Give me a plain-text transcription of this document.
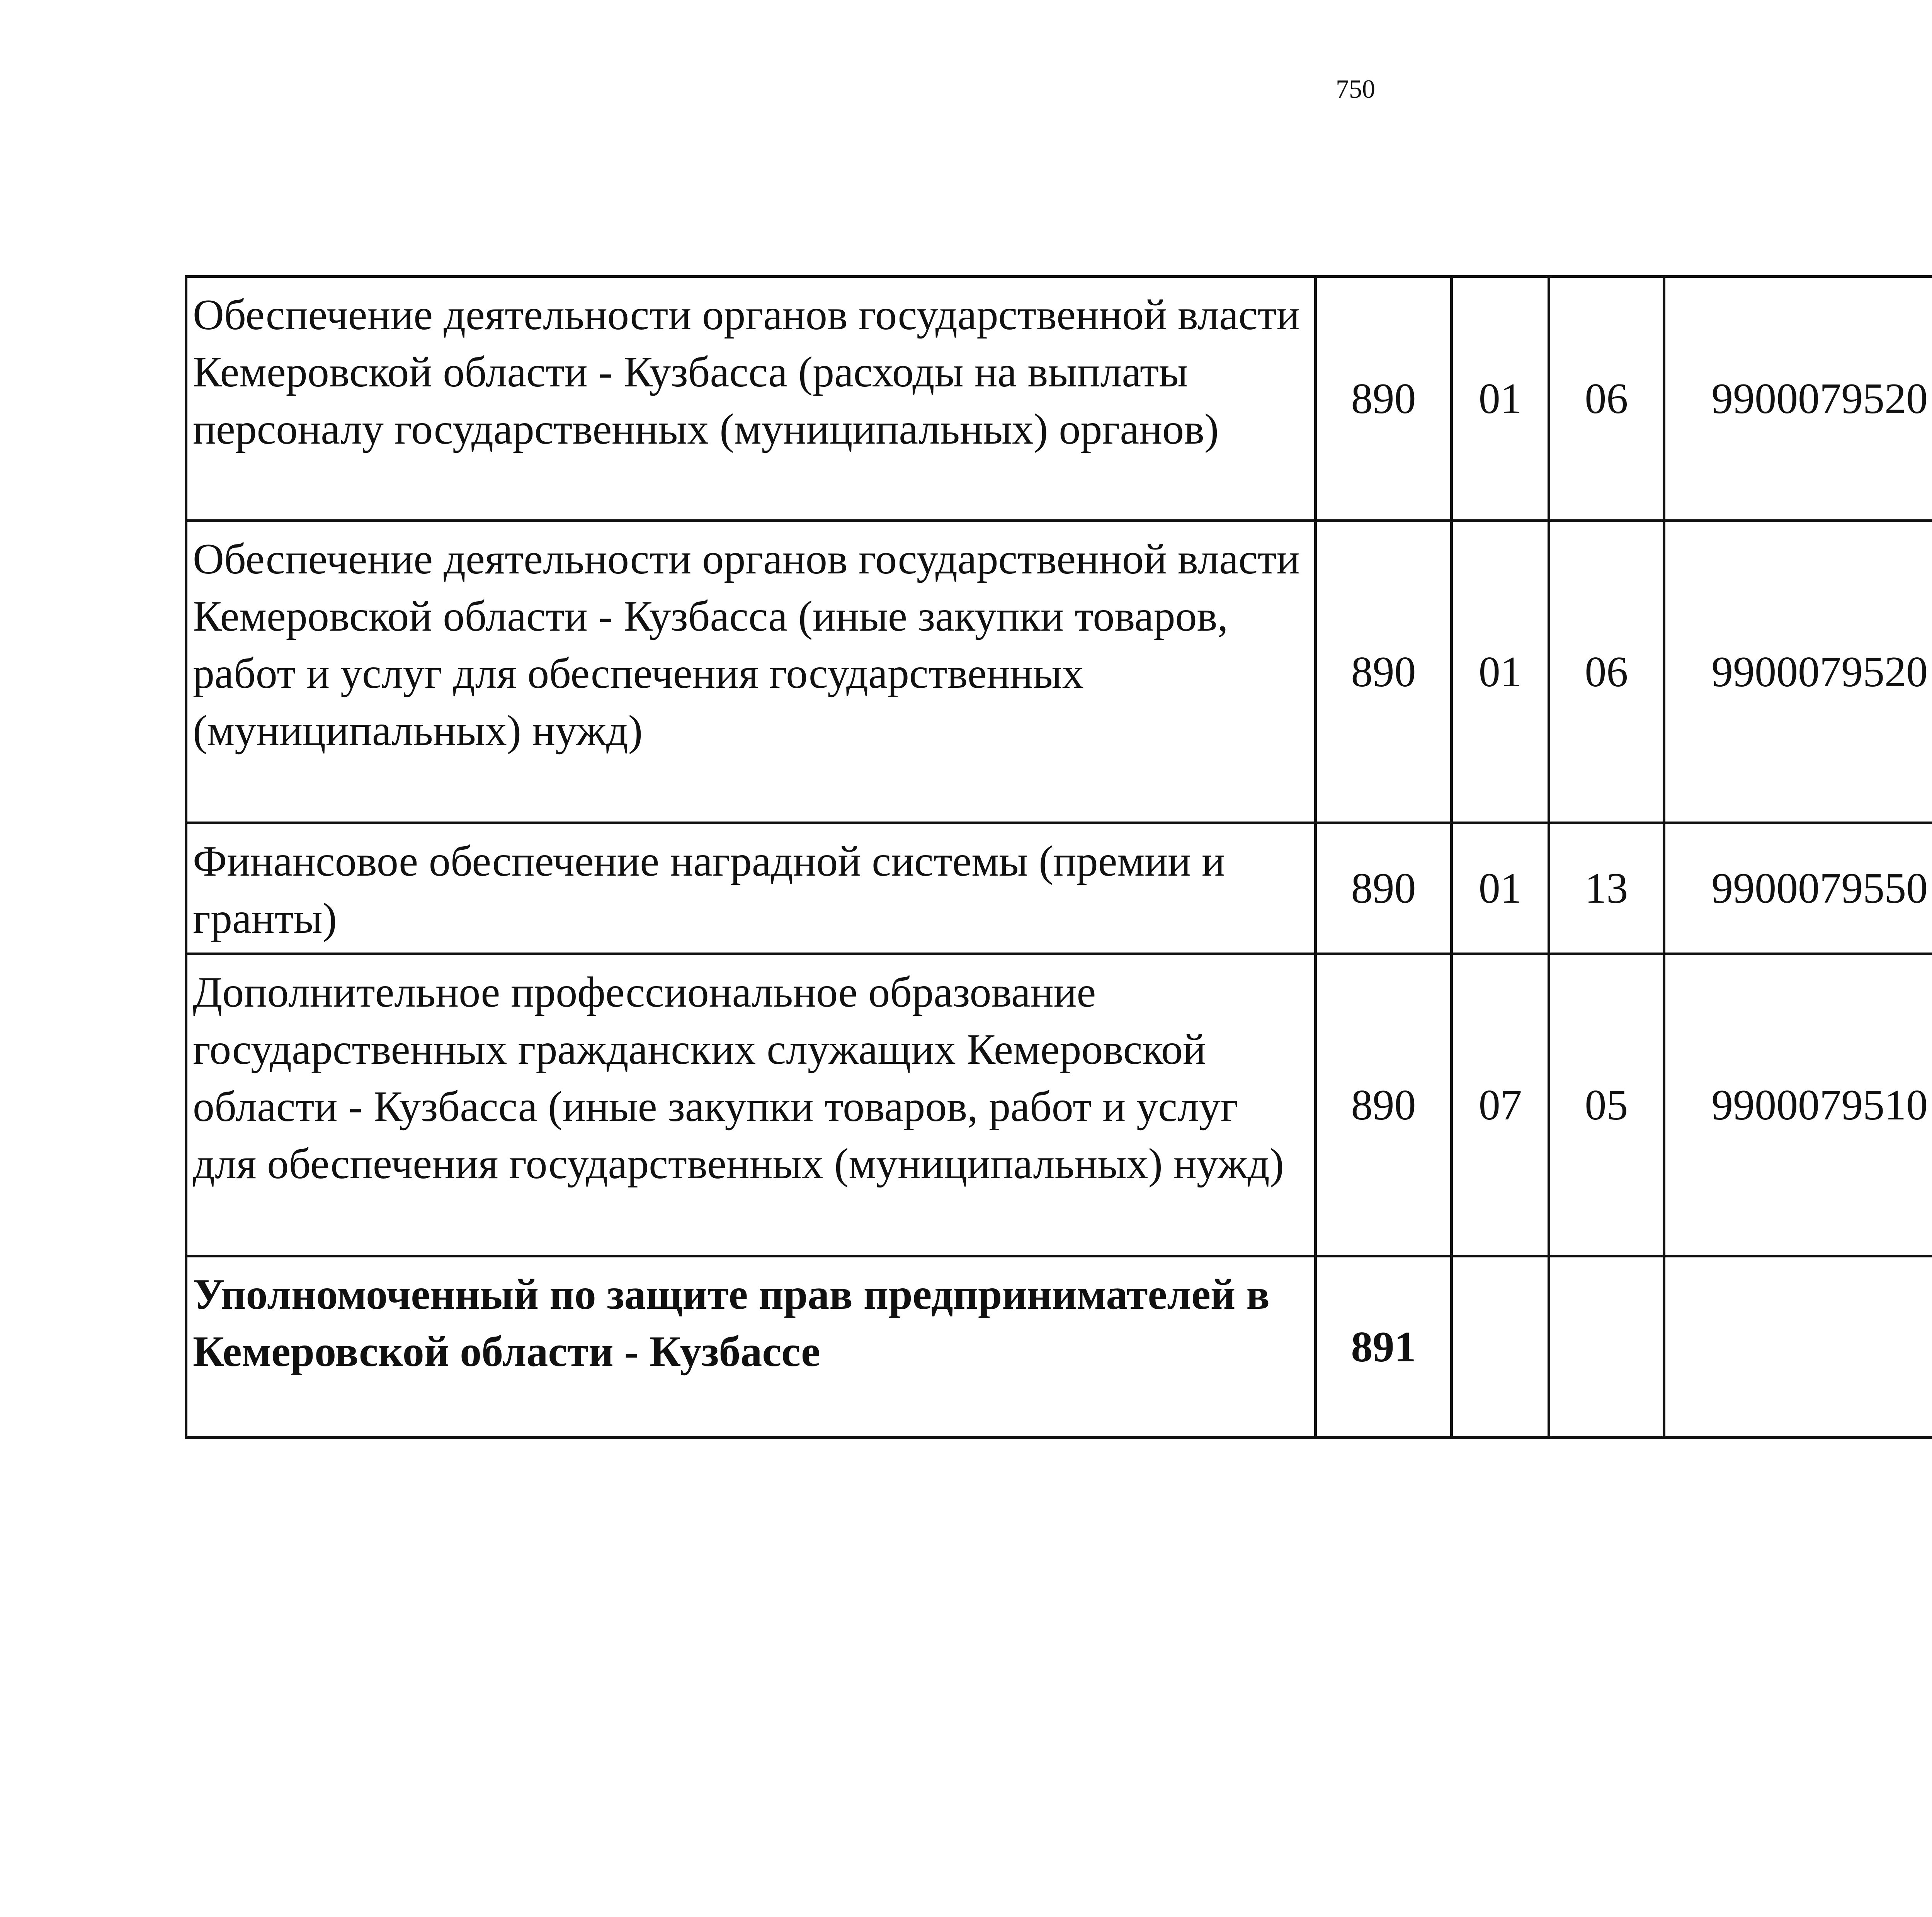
750
Обеспечение деятельности органов государственной власти Кемеровской области - Кузбасса (расходы на выплаты персоналу государственных (муниципальных) органов)	890	01	06	9900079520		
Обеспечение деятельности органов государственной власти Кемеровской области - Кузбасса (иные закупки товаров, работ и услуг для обеспечения государственных (муниципальных) нужд)	890	01	06	9900079520		
Финансовое обеспечение наградной системы (премии и гранты)	890	01	13	9900079550		
Дополнительное профессиональное образование государственных гражданских служащих Кемеровской области - Кузбасса (иные закупки товаров, работ и услуг для обеспечения государственных (муниципальных) нужд)	890	07	05	9900079510		
Уполномоченный по защите прав предпринимателей в Кемеровской области - Кузбассе	891					
